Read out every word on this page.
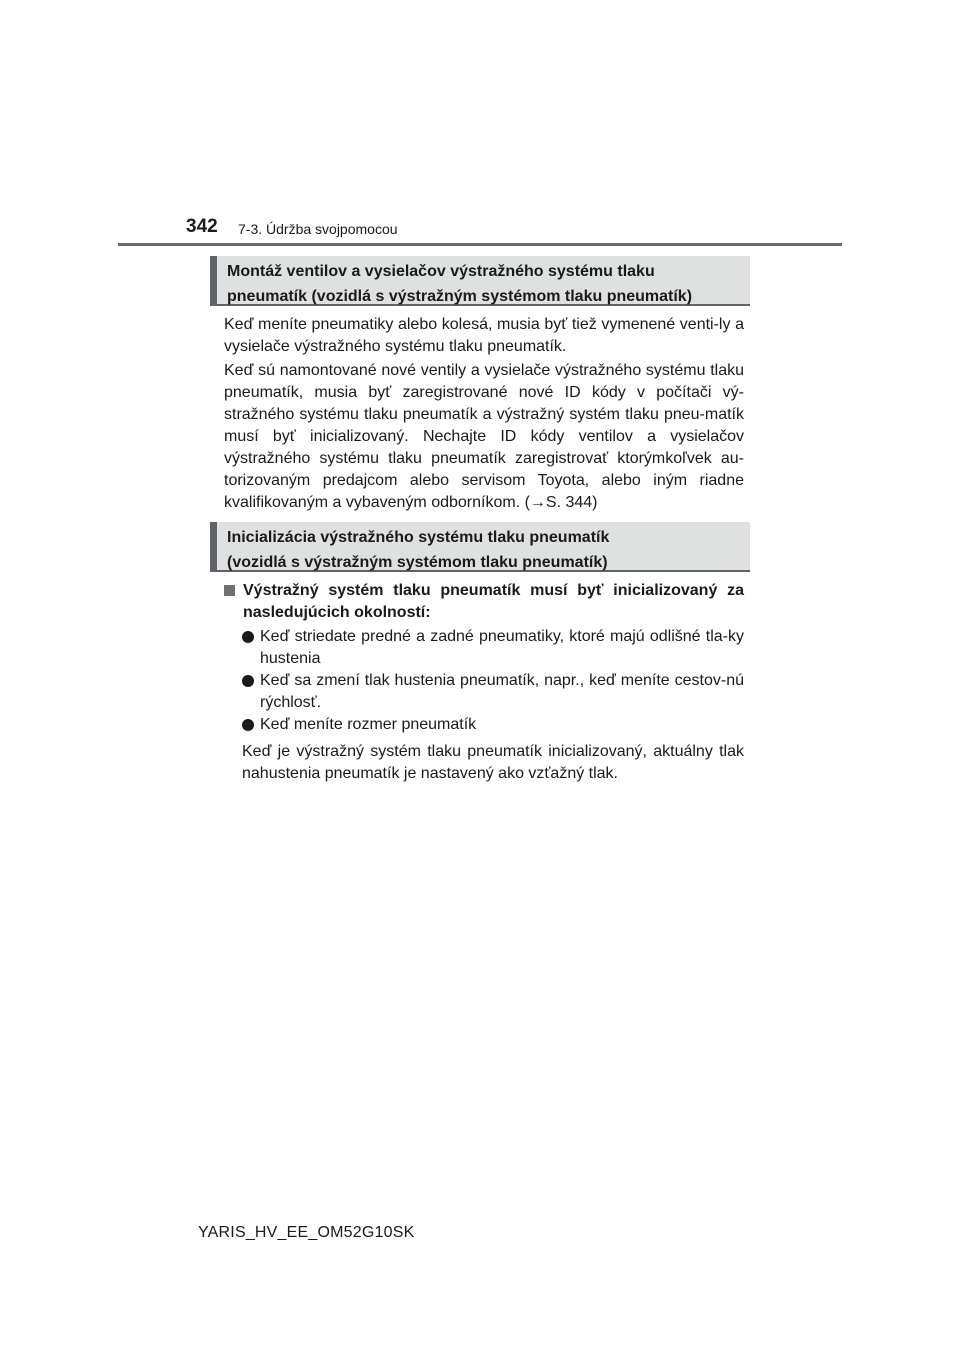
342 7-3. Údržba svojpomocou
Montáž ventilov a vysielačov výstražného systému tlaku
pneumatík (vozidlá s výstražným systémom tlaku pneumatík)

Keď meníte pneumatiky alebo kolesá, musia byť tiež vymenené venti-ly a vysielače výstražného systému tlaku pneumatík.

Keď sú namontované nové ventily a vysielače výstražného systému tlaku pneumatík, musia byť zaregistrované nové ID kódy v počítači vý-stražného systému tlaku pneumatík a výstražný systém tlaku pneu-matík musí byť inicializovaný. Nechajte ID kódy ventilov a vysielačov výstražného systému tlaku pneumatík zaregistrovať ktorýmkoľvek au-torizovaným predajcom alebo servisom Toyota, alebo iným riadne kvalifikovaným a vybaveným odborníkom. (→S. 344)

Inicializácia výstražného systému tlaku pneumatík
(vozidlá s výstražným systémom tlaku pneumatík)
Výstražný systém tlaku pneumatík musí byť inicializovaný za nasledujúcich okolností:
Keď striedate predné a zadné pneumatiky, ktoré majú odlišné tla-ky hustenia
Keď sa zmení tlak hustenia pneumatík, napr., keď meníte cestov-nú rýchlosť.
Keď meníte rozmer pneumatík

Keď je výstražný systém tlaku pneumatík inicializovaný, aktuálny tlak nahustenia pneumatík je nastavený ako vzťažný tlak.

YARIS_HV_EE_OM52G10SK
